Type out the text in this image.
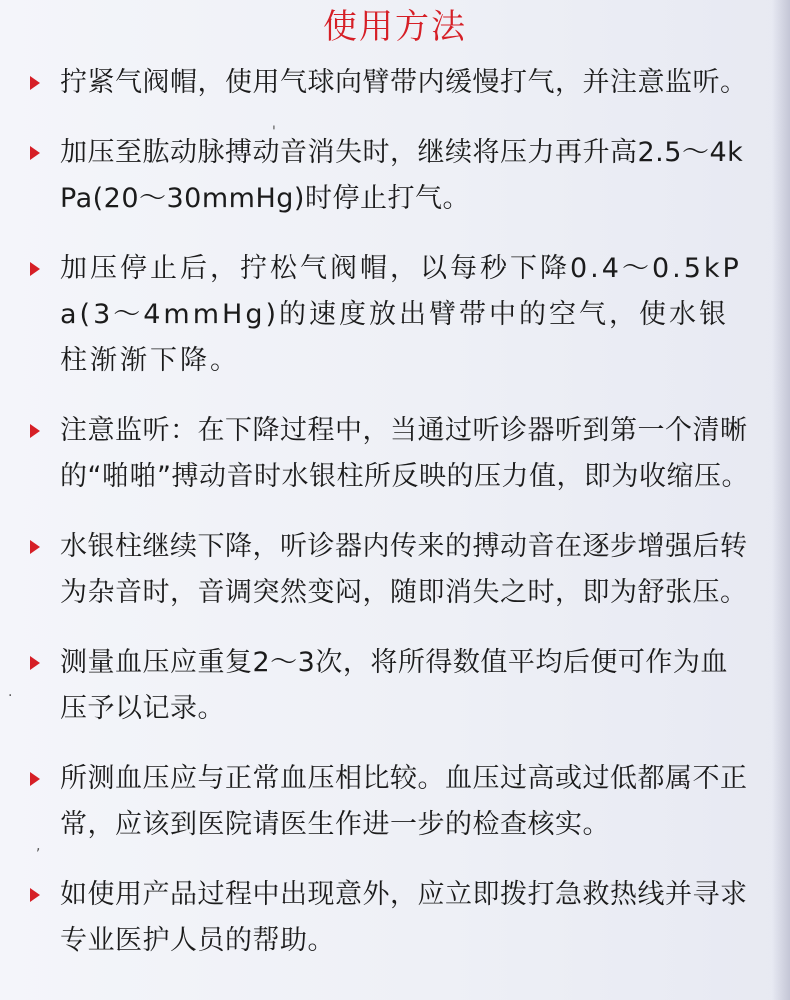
使用方法
拧紧气阀帽，使用气球向臂带内缓慢打气，并注意监听。
加压至肱动脉搏动音消失时，继续将压力再升高2.5～4kPa(20～30mmHg)时停止打气。
加压停止后，拧松气阀帽，以每秒下降0.4～0.5kPa(3～4mmHg)的速度放出臂带中的空气，使水银柱渐渐下降。
注意监听：在下降过程中，当通过听诊器听到第一个清晰的“啪啪”搏动音时水银柱所反映的压力值，即为收缩压。
水银柱继续下降，听诊器内传来的搏动音在逐步增强后转为杂音时，音调突然变闷，随即消失之时，即为舒张压。
测量血压应重复2～3次，将所得数值平均后便可作为血压予以记录。
所测血压应与正常血压相比较。血压过高或过低都属不正常，应该到医院请医生作进一步的检查核实。
如使用产品过程中出现意外，应立即拨打急救热线并寻求专业医护人员的帮助。
'
.
,
